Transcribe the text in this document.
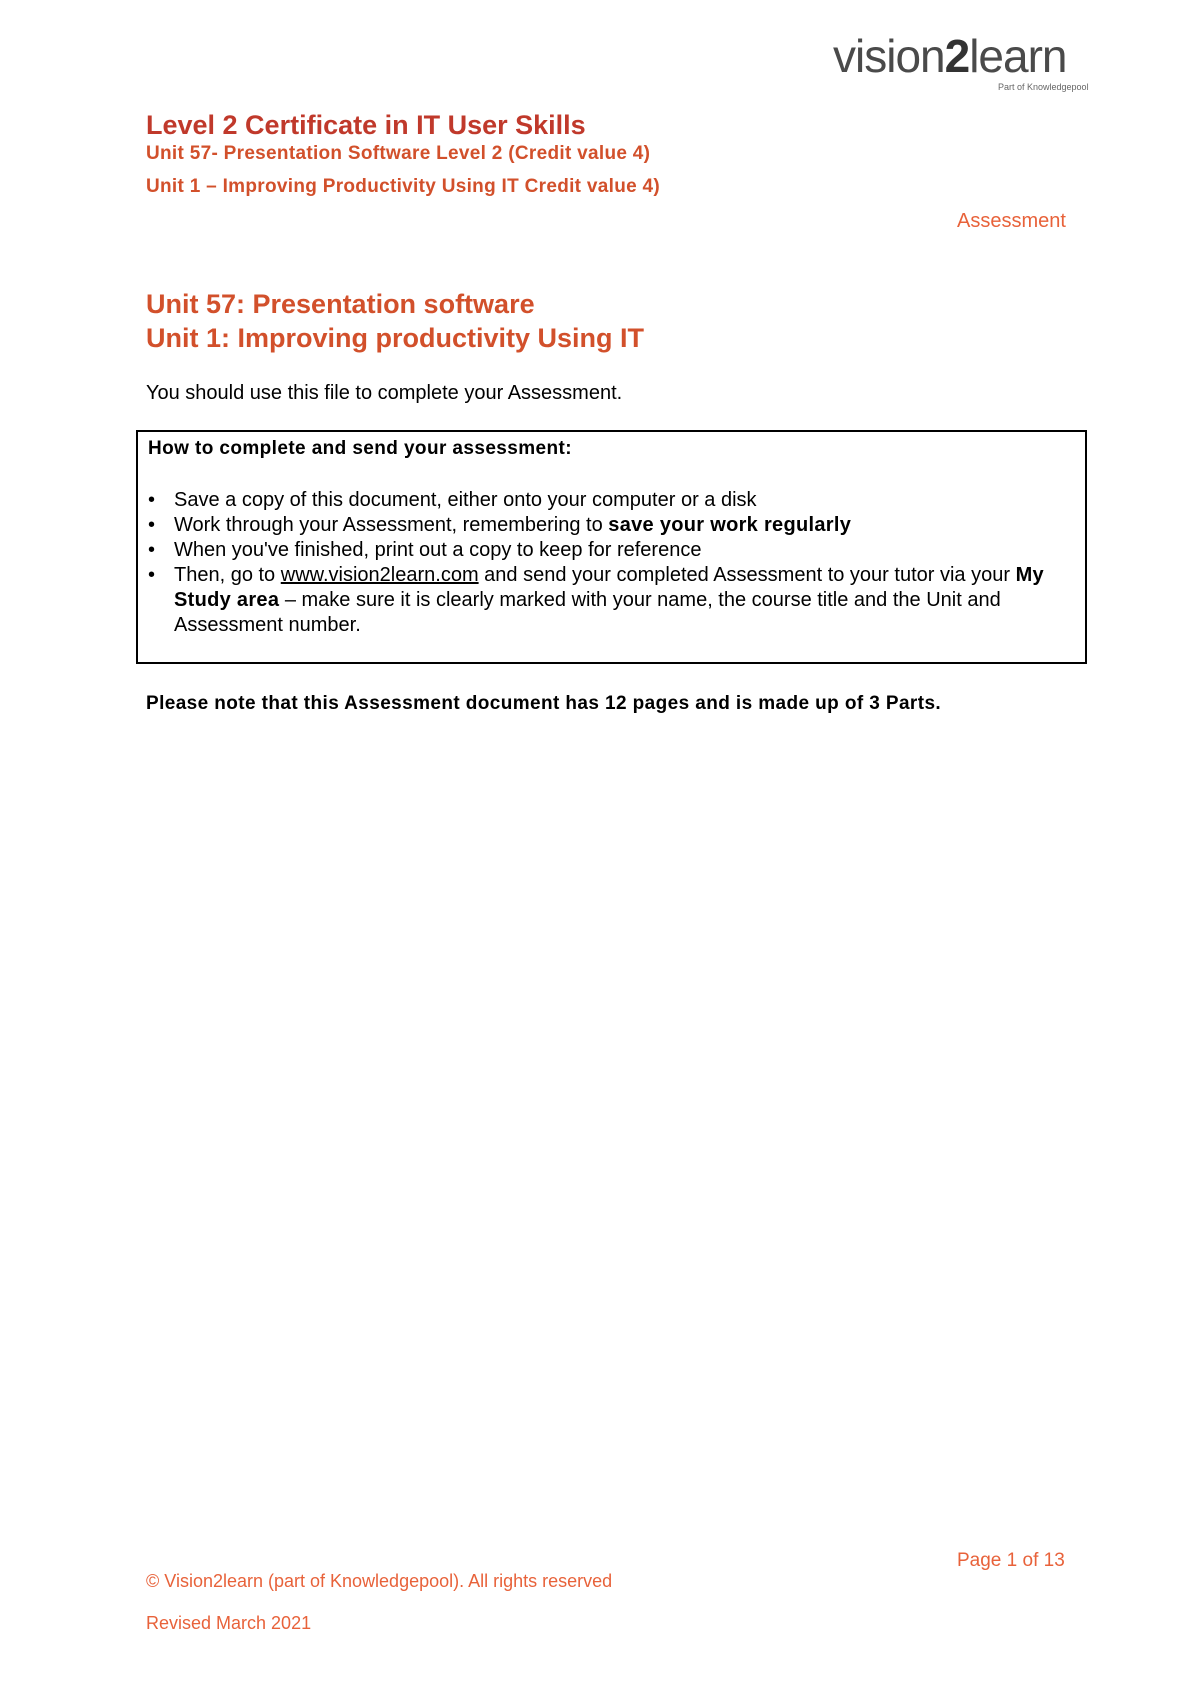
vision2learn
Part of Knowledgepool
Level 2 Certificate in IT User Skills
Unit 57- Presentation Software Level 2 (Credit value 4)
Unit 1 – Improving Productivity Using IT Credit value 4)
Assessment
Unit 57: Presentation software
Unit 1: Improving productivity Using IT
You should use this file to complete your Assessment.
How to complete and send your assessment:
• Save a copy of this document, either onto your computer or a disk
• Work through your Assessment, remembering to save your work regularly
• When you've finished, print out a copy to keep for reference
• Then, go to www.vision2learn.com and send your completed Assessment to your tutor via your My Study area – make sure it is clearly marked with your name, the course title and the Unit and Assessment number.
Please note that this Assessment document has 12 pages and is made up of 3 Parts.
Page 1 of 13
© Vision2learn (part of Knowledgepool). All rights reserved
Revised March 2021
